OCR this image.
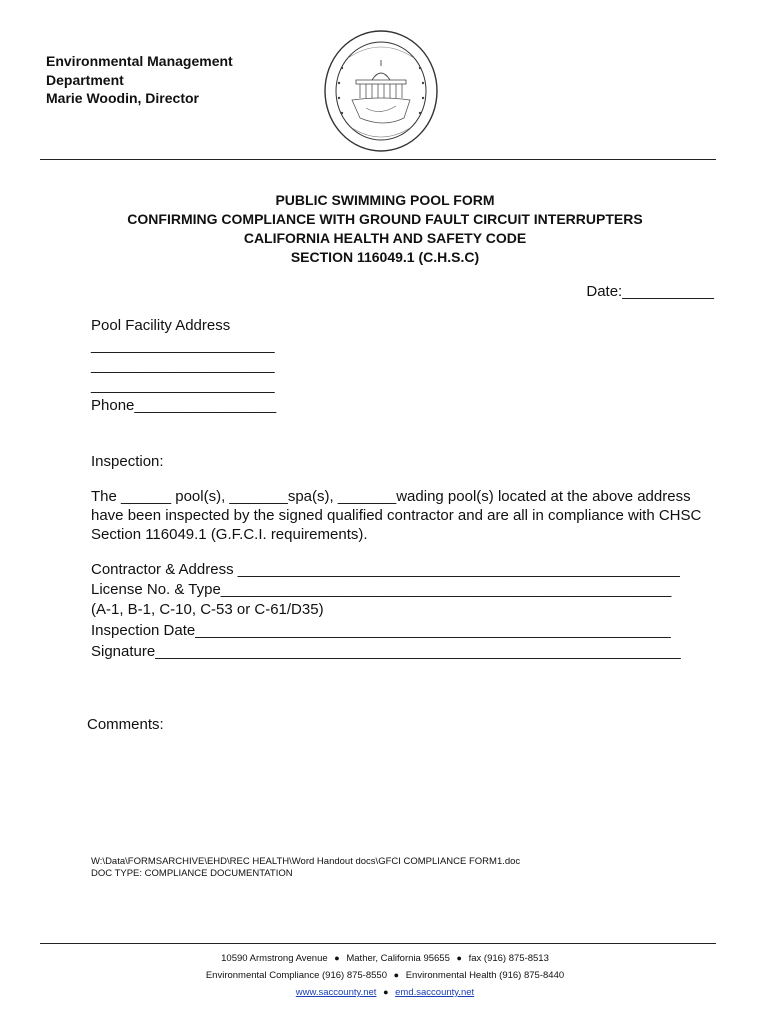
Environmental Management
Department
Marie Woodin, Director
PUBLIC SWIMMING POOL FORM
CONFIRMING COMPLIANCE WITH GROUND FAULT CIRCUIT INTERRUPTERS
CALIFORNIA HEALTH AND SAFETY CODE
SECTION 116049.1 (C.H.S.C)
Date:___________
Pool Facility Address
______________________
______________________
______________________
Phone_________________
Inspection:
The ______ pool(s), _______spa(s), _______wading pool(s) located at the above address
have been inspected by the signed qualified contractor and are all in compliance with CHSC
Section 116049.1 (G.F.C.I. requirements).
Contractor & Address _____________________________________________________
License No. & Type______________________________________________________
(A-1, B-1, C-10, C-53 or C-61/D35)
Inspection Date_________________________________________________________
Signature_______________________________________________________________
Comments:
W:\Data\FORMSARCHIVE\EHD\REC HEALTH\Word Handout docs\GFCI COMPLIANCE FORM1.doc
DOC TYPE: COMPLIANCE DOCUMENTATION
10590 Armstrong Avenue ● Mather, California 95655 ● fax (916) 875-8513
Environmental Compliance (916) 875-8550 ● Environmental Health (916) 875-8440
www.saccounty.net ● emd.saccounty.net
